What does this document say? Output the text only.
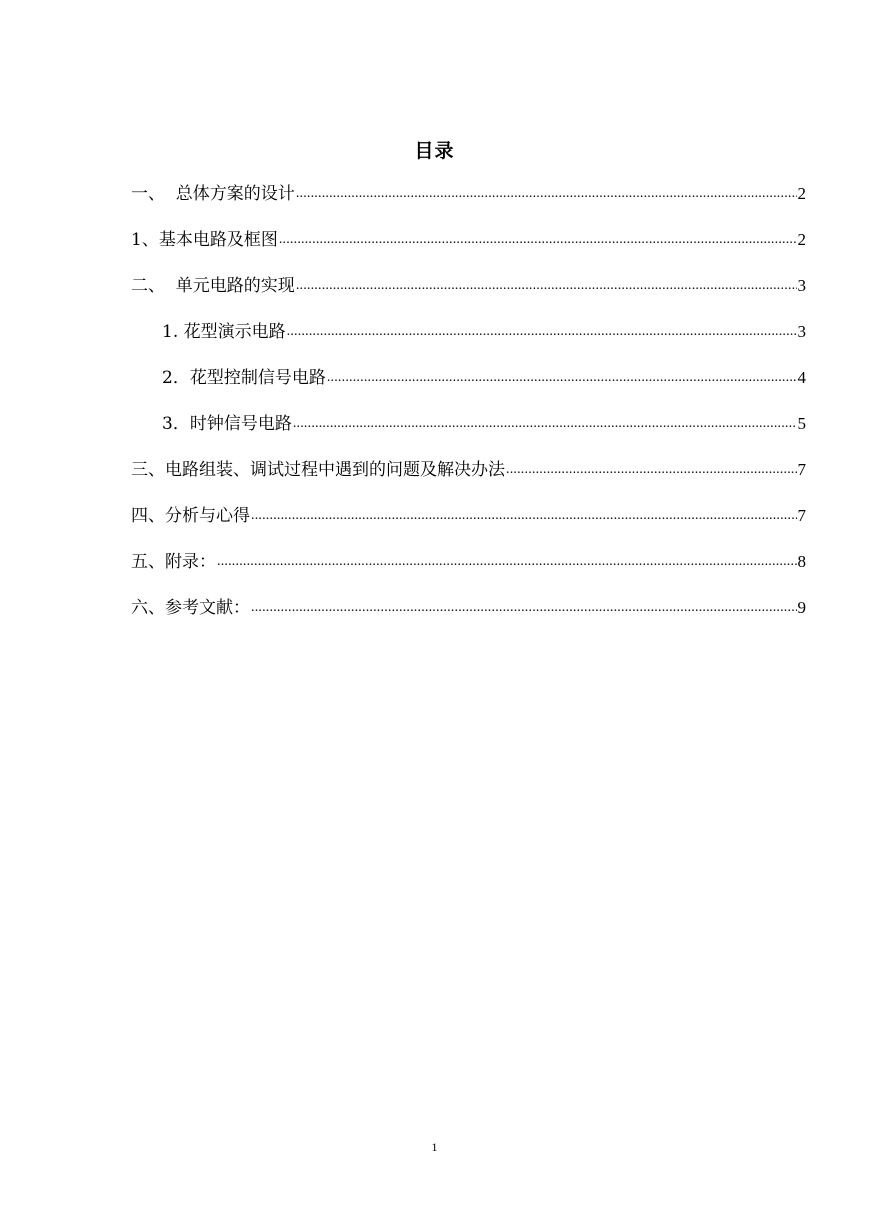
目录
一、  总体方案的设计 .....	2
1、基本电路及框图 .....	2
二、  单元电路的实现 .....	3
1. 花型演示电路 .....	3
2．花型控制信号电路 .....	4
3．时钟信号电路 .....	5
三、电路组装、调试过程中遇到的问题及解决办法 .....	7
四、分析与心得 .....	7
五、附录： .....	8
六、参考文献： .....	9
1
